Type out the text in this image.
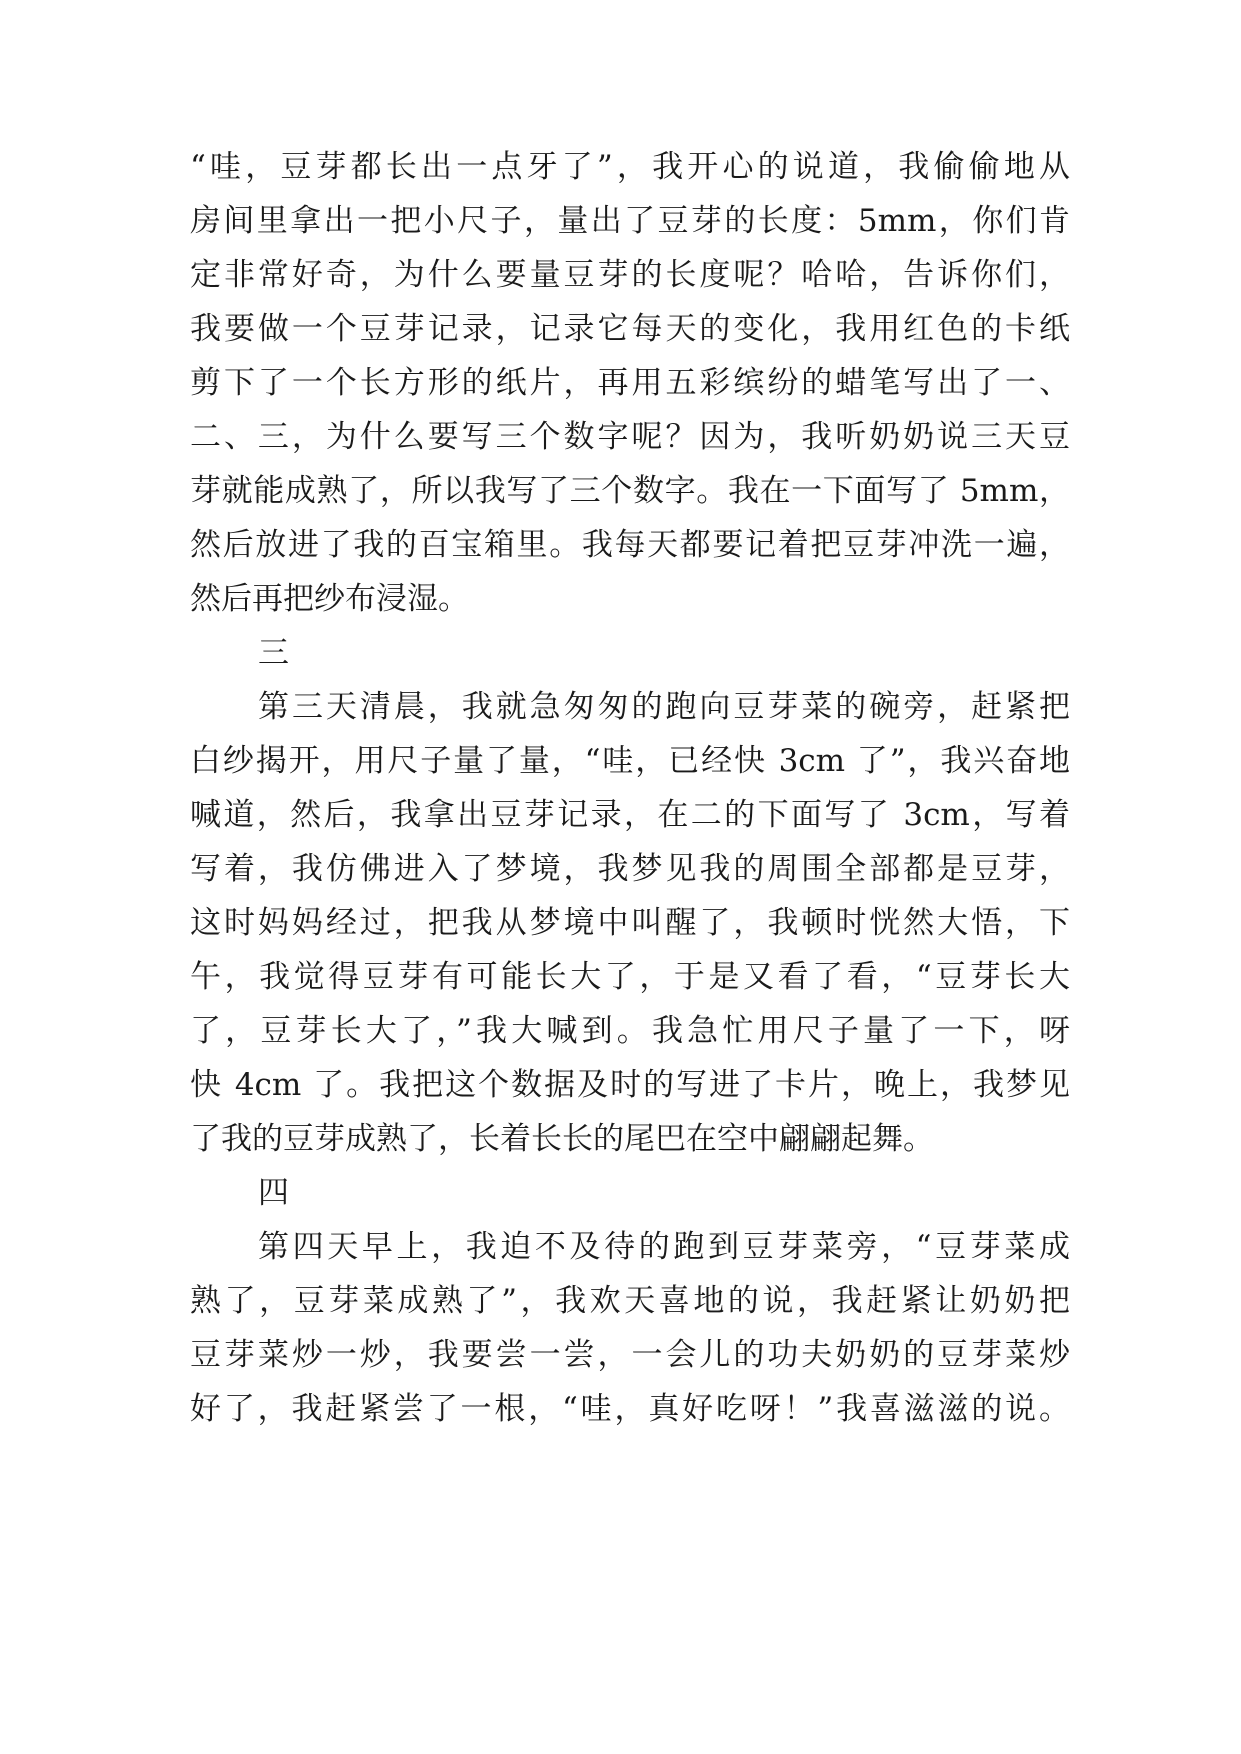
“哇，豆芽都长出一点牙了”，我开心的说道，我偷偷地从
房间里拿出一把小尺子，量出了豆芽的长度：5mm，你们肯
定非常好奇，为什么要量豆芽的长度呢？哈哈，告诉你们，
我要做一个豆芽记录，记录它每天的变化，我用红色的卡纸
剪下了一个长方形的纸片，再用五彩缤纷的蜡笔写出了一、
二、三，为什么要写三个数字呢？因为，我听奶奶说三天豆
芽就能成熟了，所以我写了三个数字。我在一下面写了 5mm，
然后放进了我的百宝箱里。我每天都要记着把豆芽冲洗一遍，
然后再把纱布浸湿。
三
第三天清晨，我就急匆匆的跑向豆芽菜的碗旁，赶紧把
白纱揭开，用尺子量了量，“哇，已经快 3cm 了”，我兴奋地
喊道，然后，我拿出豆芽记录，在二的下面写了 3cm，写着
写着，我仿佛进入了梦境，我梦见我的周围全部都是豆芽，
这时妈妈经过，把我从梦境中叫醒了，我顿时恍然大悟，下
午，我觉得豆芽有可能长大了，于是又看了看，“豆芽长大
了，豆芽长大了，”我大喊到。我急忙用尺子量了一下，呀
快 4cm 了。我把这个数据及时的写进了卡片，晚上，我梦见
了我的豆芽成熟了，长着长长的尾巴在空中翩翩起舞。
四
第四天早上，我迫不及待的跑到豆芽菜旁，“豆芽菜成
熟了，豆芽菜成熟了”，我欢天喜地的说，我赶紧让奶奶把
豆芽菜炒一炒，我要尝一尝，一会儿的功夫奶奶的豆芽菜炒
好了，我赶紧尝了一根，“哇，真好吃呀！”我喜滋滋的说。
